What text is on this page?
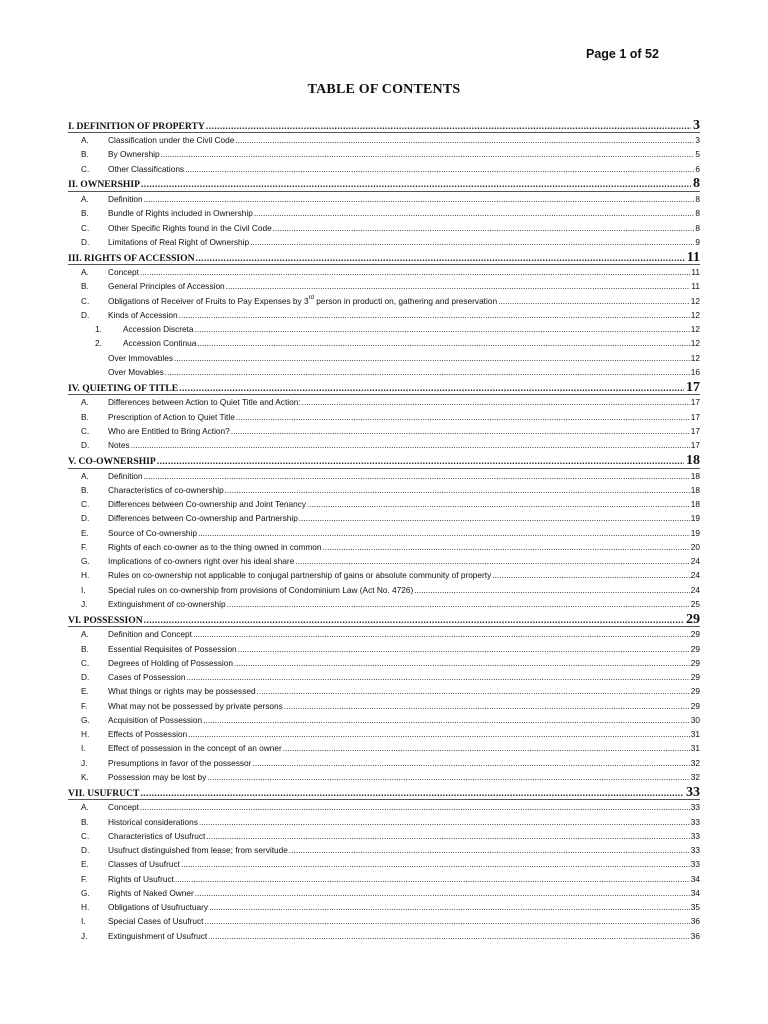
Page 1 of 52
TABLE OF CONTENTS
I. DEFINITION OF PROPERTY .....	3
A.	Classification under the Civil Code .....	3
B.	By Ownership .....	5
C.	Other Classifications .....	6
II. OWNERSHIP .....	8
A.	Definition .....	8
B.	Bundle of Rights included in Ownership .....	8
C.	Other Specific Rights found in the Civil Code .....	8
D.	Limitations of Real Right of Ownership .....	9
III. RIGHTS OF ACCESSION .....	11
A.	Concept .....	11
B.	General Principles of Accession .....	11
C.	Obligations of Receiver of Fruits to Pay Expenses by 3rd person in producti on, gathering and preservation .....	12
D.	Kinds of Accession .....	12
1.	Accession Discreta .....	12
2.	Accession Continua .....	12
Over Immovables .....	12
Over Movables .....	16
IV. QUIETING OF TITLE .....	17
A.	Differences between Action to Quiet Title and Action: .....	17
B.	Prescription of Action to Quiet Title .....	17
C.	Who are Entitled to Bring Action? .....	17
D.	Notes .....	17
V. CO-OWNERSHIP .....	18
A.	Definition .....	18
B.	Characteristics of co-ownership .....	18
C.	Differences between Co-ownership and Joint Tenancy .....	18
D.	Differences between Co-ownership and Partnership .....	19
E.	Source of Co-ownership .....	19
F.	Rights of each co-owner as to the thing owned in common .....	20
G.	Implications of co-owners right over his ideal share .....	24
H.	Rules on co-ownership not applicable to conjugal partnership of gains or absolute community of property .....	24
I.	Special rules on co-ownership from provisions of Condominium Law (Act No. 4726) .....	24
J.	Extinguishment of co-ownership .....	25
VI. POSSESSION .....	29
A.	Definition and Concept .....	29
B.	Essential Requisites of Possession .....	29
C.	Degrees of Holding of Possession .....	29
D.	Cases of Possession .....	29
E.	What things or rights may be possessed .....	29
F.	What may not be possessed by private persons .....	29
G.	Acquisition of Possession .....	30
H.	Effects of Possession .....	31
I.	Effect of possession in the concept of an owner .....	31
J.	Presumptions in favor of the possessor .....	32
K.	Possession may be lost by .....	32
VII. USUFRUCT .....	33
A.	Concept .....	33
B.	Historical considerations .....	33
C.	Characteristics of Usufruct .....	33
D.	Usufruct distinguished from lease; from servitude .....	33
E.	Classes of Usufruct .....	33
F.	Rights of Usufruct .....	34
G.	Rights of Naked Owner .....	34
H.	Obligations of Usufructuary .....	35
I.	Special Cases of Usufruct .....	36
J.	Extinguishment of Usufruct .....	36
